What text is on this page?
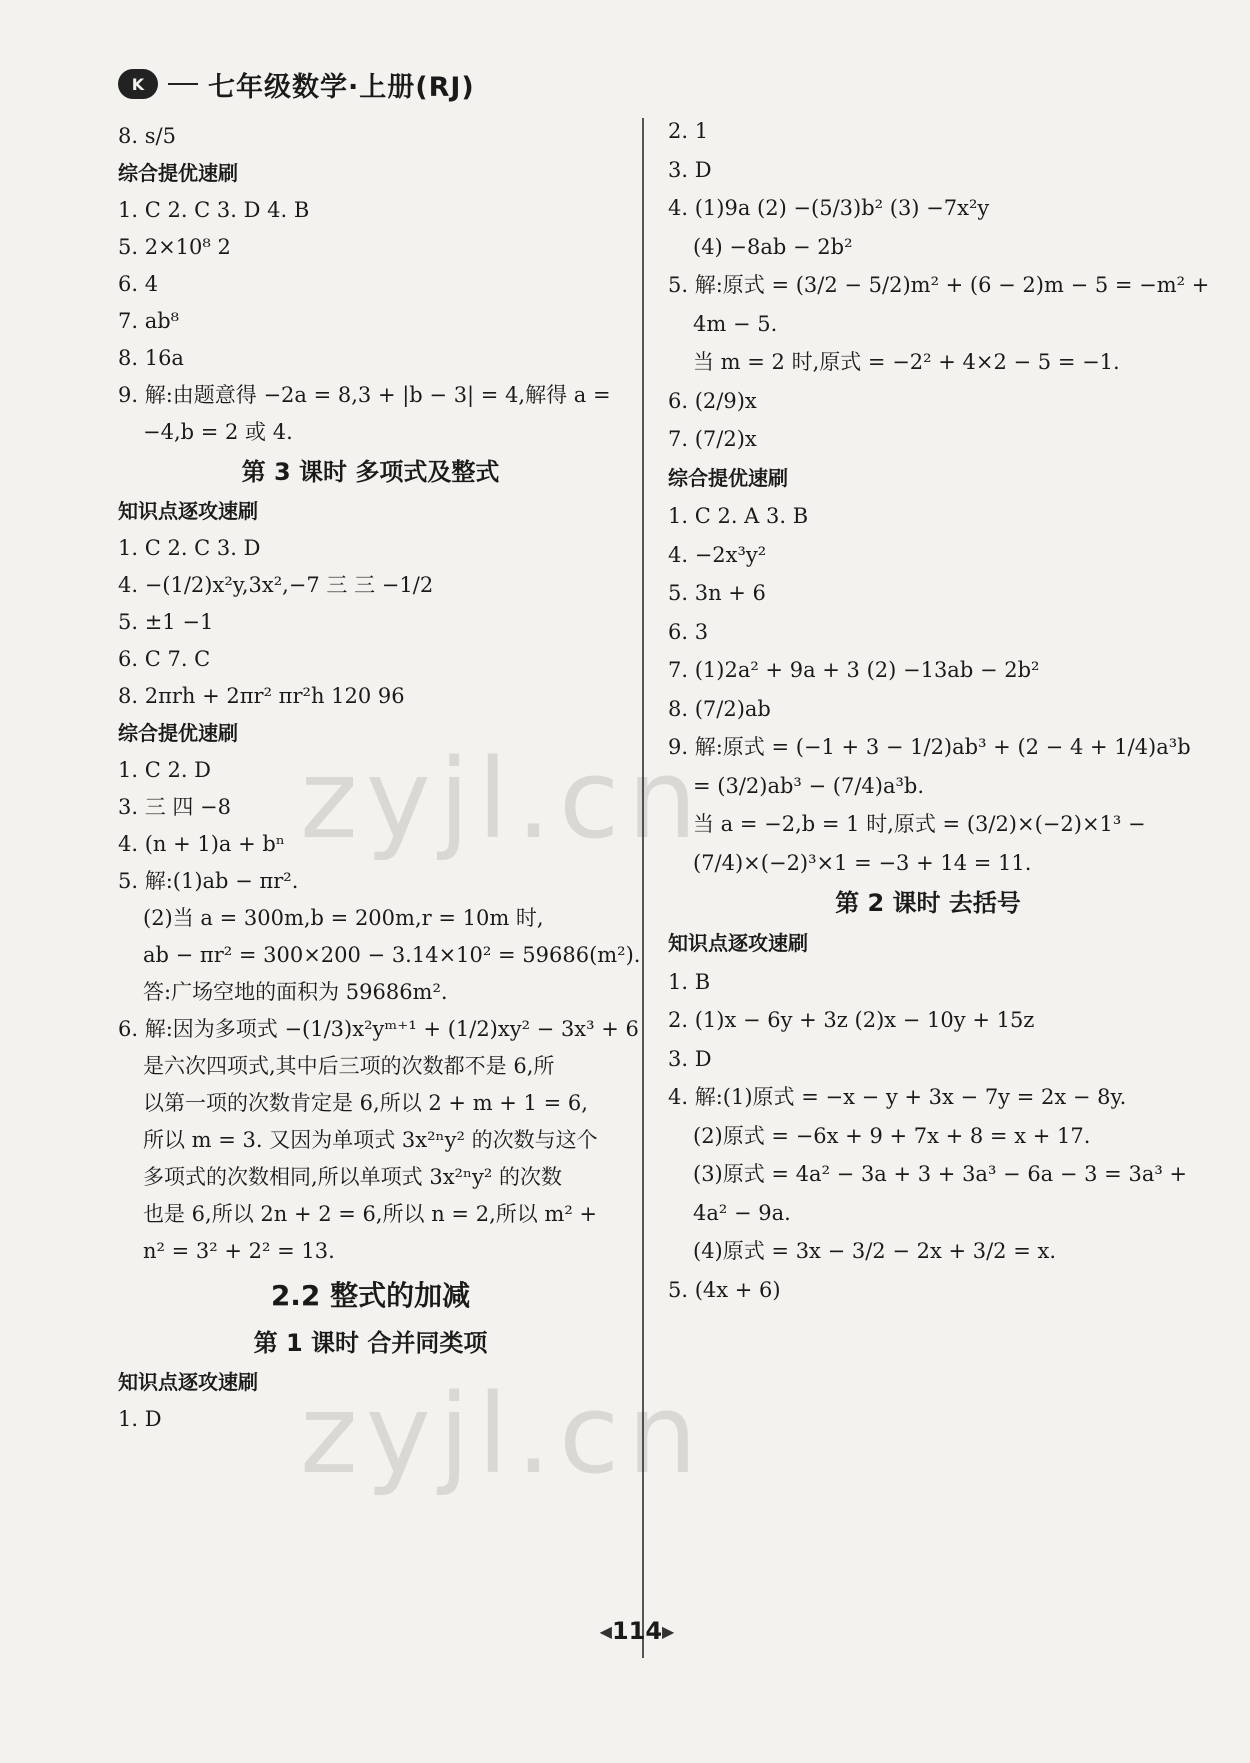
K 七年级数学·上册(RJ)
8. s/5
综合提优速刷
1. C 2. C 3. D 4. B
5. 2×10⁸ 2
6. 4
7. ab⁸
8. 16a
9. 解:由题意得 −2a = 8,3 + |b − 3| = 4,解得 a =
−4,b = 2 或 4.
第 3 课时 多项式及整式
知识点逐攻速刷
1. C 2. C 3. D
4. −(1/2)x²y,3x²,−7 三 三 −1/2
5. ±1 −1
6. C 7. C
8. 2πrh + 2πr² πr²h 120 96
综合提优速刷
1. C 2. D
3. 三 四 −8
4. (n + 1)a + bⁿ
5. 解:(1)ab − πr².
(2)当 a = 300m,b = 200m,r = 10m 时,
ab − πr² = 300×200 − 3.14×10² = 59686(m²).
答:广场空地的面积为 59686m².
6. 解:因为多项式 −(1/3)x²yᵐ⁺¹ + (1/2)xy² − 3x³ + 6
是六次四项式,其中后三项的次数都不是 6,所
以第一项的次数肯定是 6,所以 2 + m + 1 = 6,
所以 m = 3. 又因为单项式 3x²ⁿy² 的次数与这个
多项式的次数相同,所以单项式 3x²ⁿy² 的次数
也是 6,所以 2n + 2 = 6,所以 n = 2,所以 m² +
n² = 3² + 2² = 13.
2.2 整式的加减
第 1 课时 合并同类项
知识点逐攻速刷
1. D
2. 1
3. D
4. (1)9a (2) −(5/3)b² (3) −7x²y
(4) −8ab − 2b²
5. 解:原式 = (3/2 − 5/2)m² + (6 − 2)m − 5 = −m² +
4m − 5.
当 m = 2 时,原式 = −2² + 4×2 − 5 = −1.
6. (2/9)x
7. (7/2)x
综合提优速刷
1. C 2. A 3. B
4. −2x³y²
5. 3n + 6
6. 3
7. (1)2a² + 9a + 3 (2) −13ab − 2b²
8. (7/2)ab
9. 解:原式 = (−1 + 3 − 1/2)ab³ + (2 − 4 + 1/4)a³b
= (3/2)ab³ − (7/4)a³b.
当 a = −2,b = 1 时,原式 = (3/2)×(−2)×1³ −
(7/4)×(−2)³×1 = −3 + 14 = 11.
第 2 课时 去括号
知识点逐攻速刷
1. B
2. (1)x − 6y + 3z (2)x − 10y + 15z
3. D
4. 解:(1)原式 = −x − y + 3x − 7y = 2x − 8y.
(2)原式 = −6x + 9 + 7x + 8 = x + 17.
(3)原式 = 4a² − 3a + 3 + 3a³ − 6a − 3 = 3a³ +
4a² − 9a.
(4)原式 = 3x − 3/2 − 2x + 3/2 = x.
5. (4x + 6)
zyjl.cn
zyjl.cn
◀ 114 ▶
